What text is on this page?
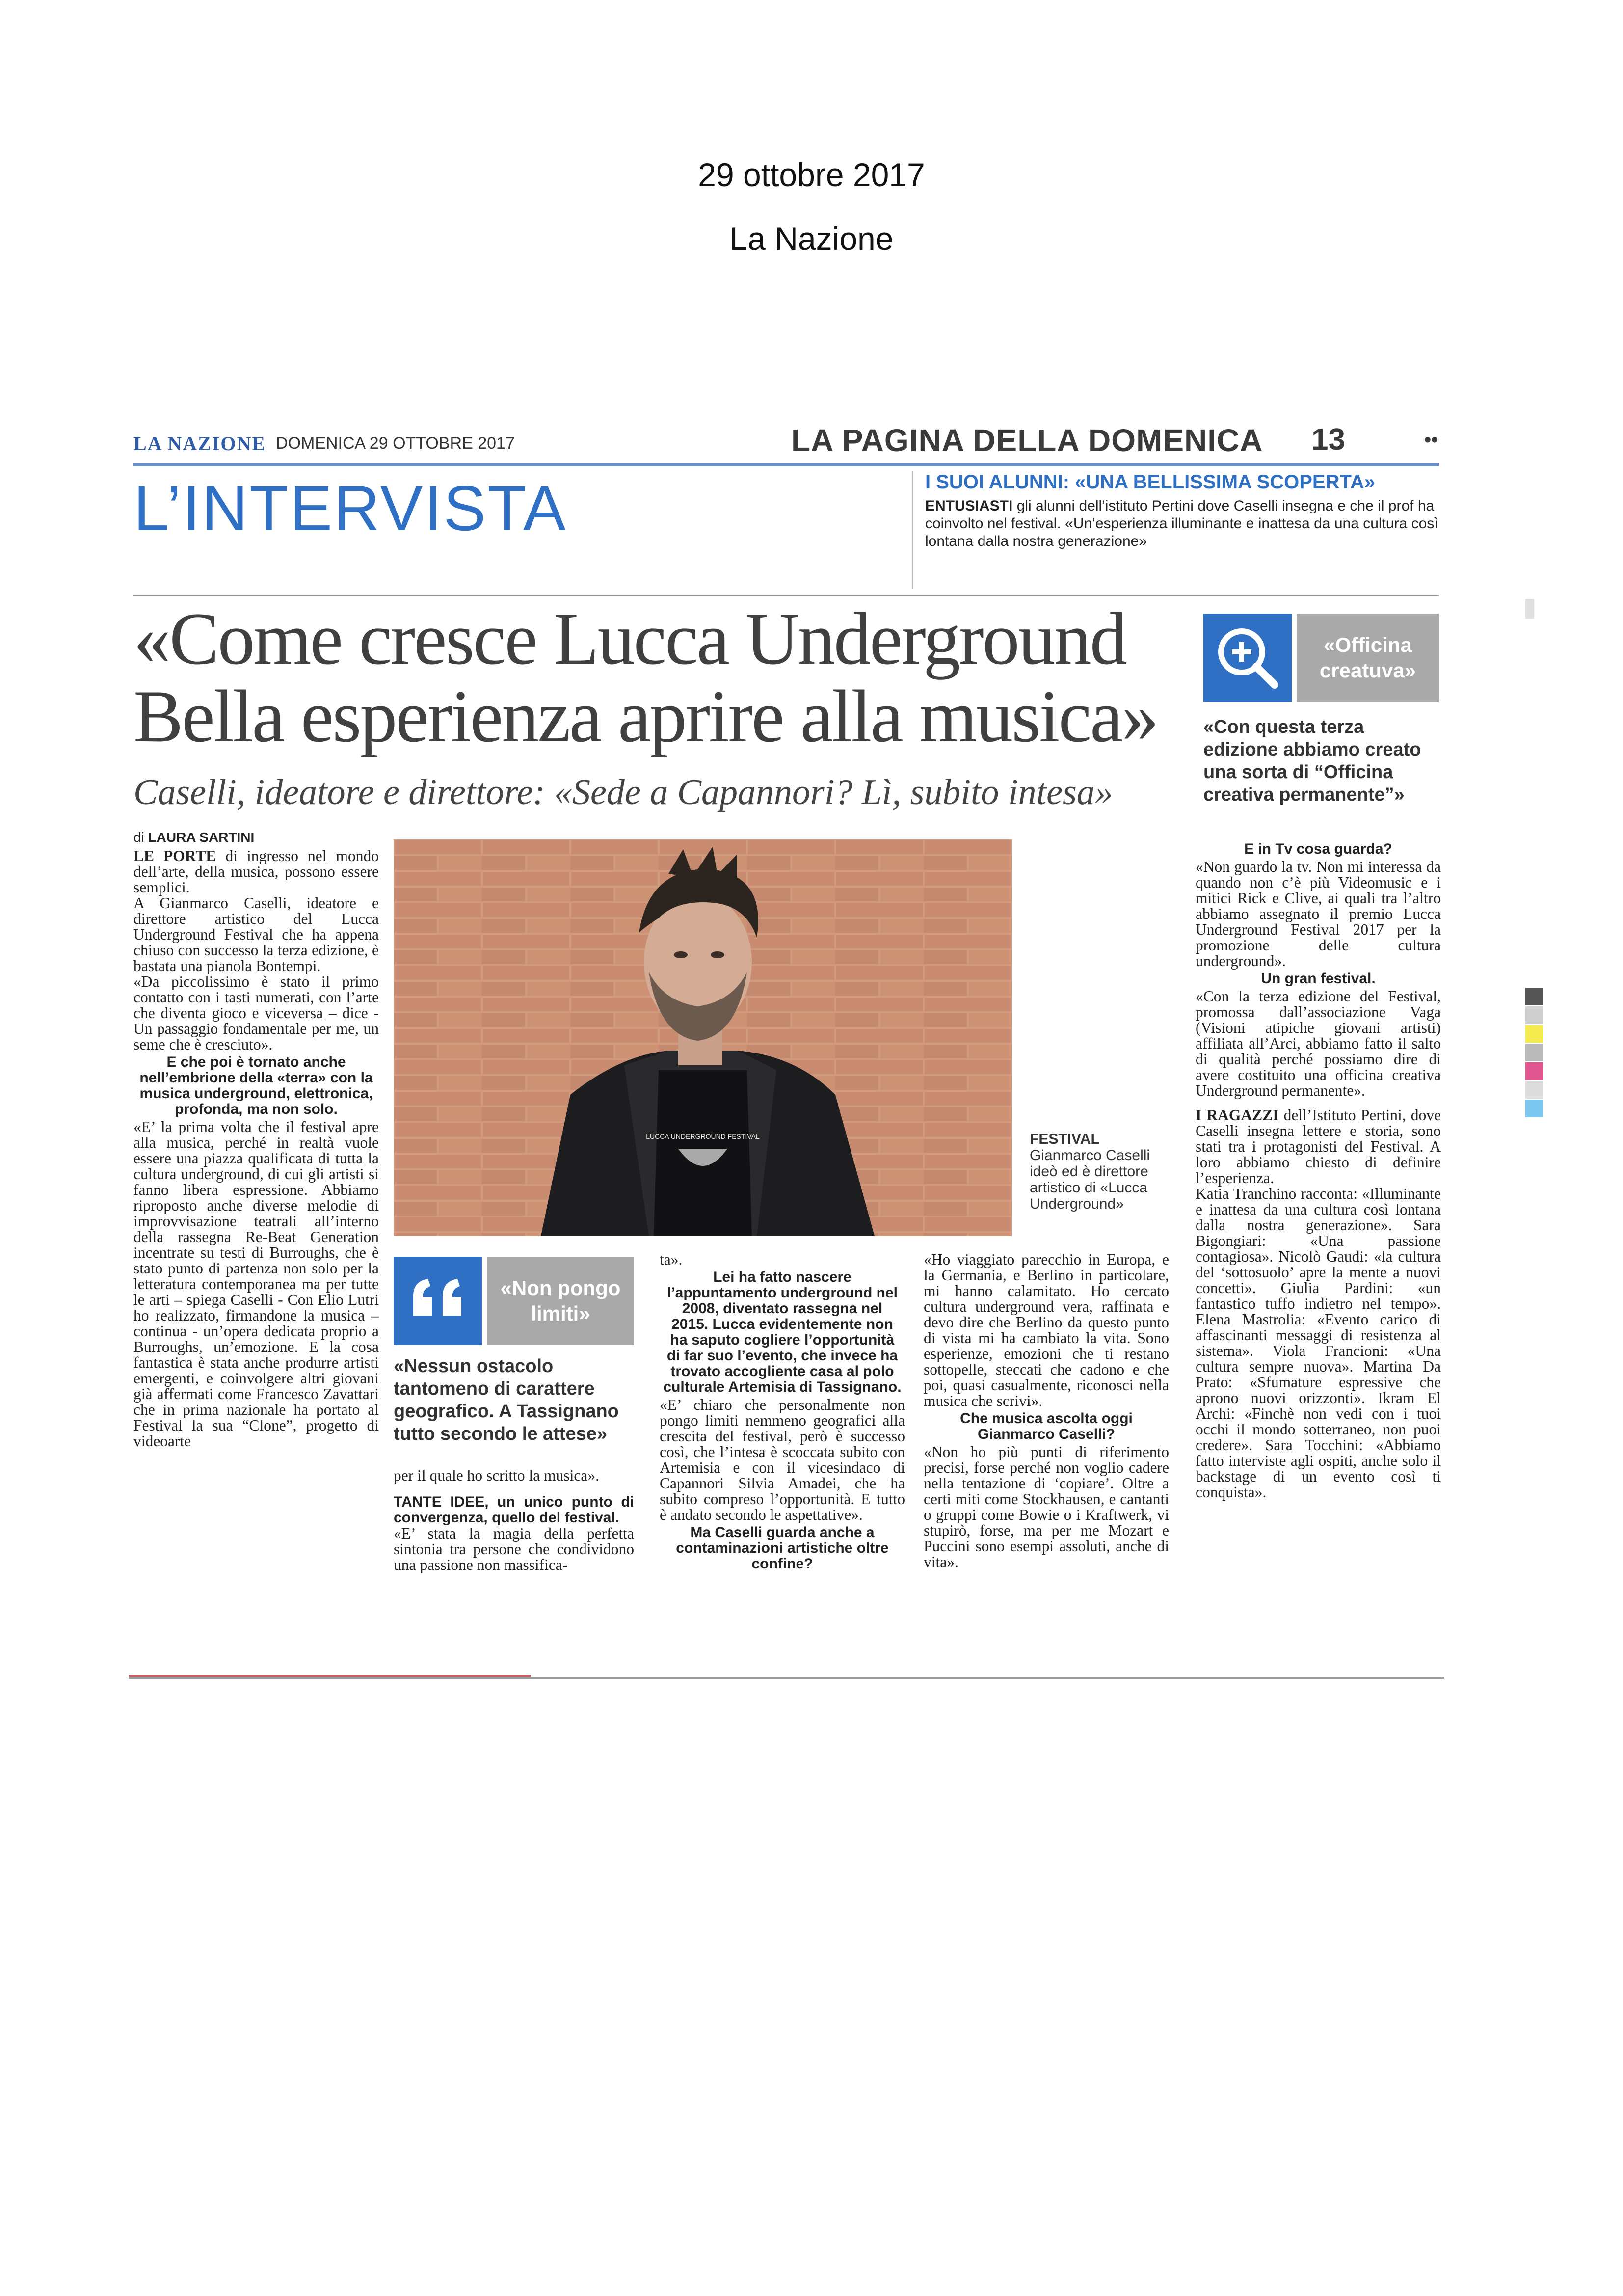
29 ottobre 2017
La Nazione
LA NAZIONE DOMENICA 29 OTTOBRE 2017	LA PAGINA DELLA DOMENICA 13	••
L’INTERVISTA	I SUOI ALUNNI: «UNA BELLISSIMA SCOPERTA»
ENTUSIASTI gli alunni dell’istituto Pertini dove Caselli insegna e che il prof ha coinvolto nel festival. «Un’esperienza illuminante e inattesa da una cultura così lontana dalla nostra generazione»
«Come cresce Lucca Underground
Bella esperienza aprire alla musica»
Caselli, ideatore e direttore: «Sede a Capannori? Lì, subito intesa»
«Officina
creatuva»
«Con questa terza edizione abbiamo creato una sorta di “Officina creativa permanente”»
di LAURA SARTINI

LE PORTE di ingresso nel mondo dell’arte, della musica, possono essere semplici.

A Gianmarco Caselli, ideatore e direttore artistico del Lucca Underground Festival che ha appena chiuso con successo la terza edizione, è bastata una pianola Bontempi.

«Da piccolissimo è stato il primo contatto con i tasti numerati, con l’arte che diventa gioco e viceversa – dice - Un passaggio fondamentale per me, un seme che è cresciuto».

E che poi è tornato anche nell’embrione della «terra» con la musica underground, elettronica, profonda, ma non solo.

«E’ la prima volta che il festival apre alla musica, perché in realtà vuole essere una piazza qualificata di tutta la cultura underground, di cui gli artisti si fanno libera espressione. Abbiamo riproposto anche diverse melodie di improvvisazione teatrali all’interno della rassegna Re-Beat Generation incentrate su testi di Burroughs, che è stato punto di partenza non solo per la letteratura contemporanea ma per tutte le arti – spiega Caselli - Con Elio Lutri ho realizzato, firmandone la musica – continua - un’opera dedicata proprio a Burroughs, un’emozione. E la cosa fantastica è stata anche produrre artisti emergenti, e coinvolgere altri giovani già affermati come Francesco Zavattari che in prima nazionale ha portato al Festival la sua “Clone”, progetto di videoarte

LUCCA UNDERGROUND FESTIVAL	FESTIVAL
Gianmarco Caselli ideò ed è direttore artistico di «Lucca Underground»
«Non pongo
limiti»
«Nessun ostacolo tantomeno di carattere geografico. A Tassignano tutto secondo le attese»

per il quale ho scritto la musica».

TANTE IDEE, un unico punto di convergenza, quello del festival.

«E’ stata la magia della perfetta sintonia tra persone che condividono una passione non massifica-

ta».

Lei ha fatto nascere l’appuntamento underground nel 2008, diventato rassegna nel 2015. Lucca evidentemente non ha saputo cogliere l’opportunità di far suo l’evento, che invece ha trovato accogliente casa al polo culturale Artemisia di Tassignano.

«E’ chiaro che personalmente non pongo limiti nemmeno geografici alla crescita del festival, però è successo così, che l’intesa è scoccata subito con Artemisia e con il vicesindaco di Capannori Silvia Amadei, che ha subito compreso l’opportunità. E tutto è andato secondo le aspettative».

Ma Caselli guarda anche a contaminazioni artistiche oltre confine?

«Ho viaggiato parecchio in Europa, e la Germania, e Berlino in particolare, mi hanno calamitato. Ho cercato cultura underground vera, raffinata e devo dire che Berlino da questo punto di vista mi ha cambiato la vita. Sono esperienze, emozioni che ti restano sottopelle, steccati che cadono e che poi, quasi casualmente, riconosci nella musica che scrivi».

Che musica ascolta oggi Gianmarco Caselli?

«Non ho più punti di riferimento precisi, forse perché non voglio cadere nella tentazione di ‘copiare’. Oltre a certi miti come Stockhausen, e cantanti o gruppi come Bowie o i Kraftwerk, vi stupirò, forse, ma per me Mozart e Puccini sono esempi assoluti, anche di vita».

E in Tv cosa guarda?

«Non guardo la tv. Non mi interessa da quando non c’è più Videomusic e i mitici Rick e Clive, ai quali tra l’altro abbiamo assegnato il premio Lucca Underground Festival 2017 per la promozione delle cultura underground».

Un gran festival.

«Con la terza edizione del Festival, promossa dall’associazione Vaga (Visioni atipiche giovani artisti) affiliata all’Arci, abbiamo fatto il salto di qualità perché possiamo dire di avere costituito una officina creativa Underground permanente».

I RAGAZZI dell’Istituto Pertini, dove Caselli insegna lettere e storia, sono stati tra i protagonisti del Festival. A loro abbiamo chiesto di definire l’esperienza.

Katia Tranchino racconta: «Illuminante e inattesa da una cultura così lontana dalla nostra generazione». Sara Bigongiari: «Una passione contagiosa». Nicolò Gaudi: «la cultura del ‘sottosuolo’ apre la mente a nuovi concetti». Giulia Pardini: «un fantastico tuffo indietro nel tempo». Elena Mastrolia: «Evento carico di affascinanti messaggi di resistenza al sistema». Viola Francioni: «Una cultura sempre nuova». Martina Da Prato: «Sfumature espressive che aprono nuovi orizzonti». Ikram El Archi: «Finchè non vedi con i tuoi occhi il mondo sotterraneo, non puoi credere». Sara Tocchini: «Abbiamo fatto interviste agli ospiti, anche solo il backstage di un evento così ti conquista».
